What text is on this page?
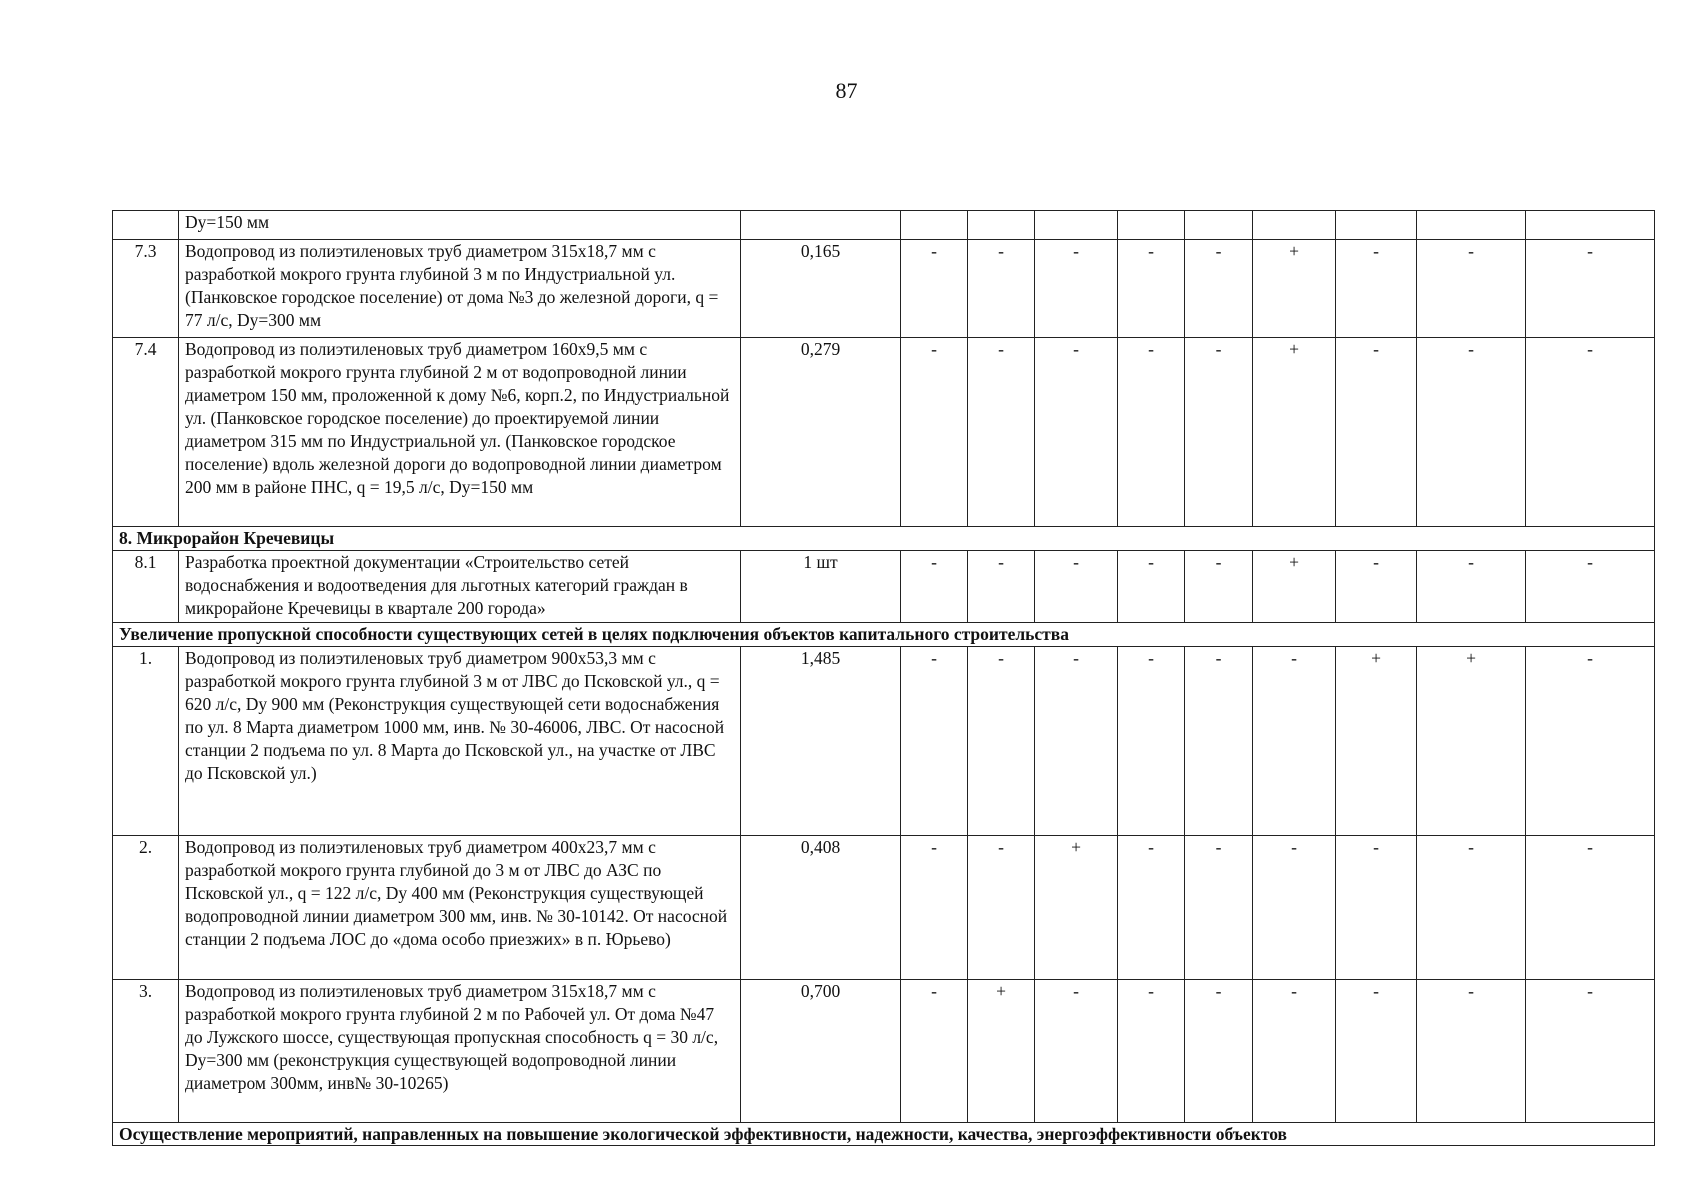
87
	Dy=150 мм											
7.3	Водопровод из полиэтиленовых труб диаметром 315х18,7 мм с разработкой мокрого грунта глубиной 3 м по Индустриальной ул. (Панковское городское поселение) от дома №3 до железной дороги, q = 77 л/с, Dy=300 мм	0,165	-	-	-	-	-	+	-	-	-	
7.4	Водопровод из полиэтиленовых труб диаметром 160х9,5 мм с разработкой мокрого грунта глубиной 2 м от водопроводной линии диаметром 150 мм, проложенной к дому №6, корп.2, по Индустриальной ул. (Панковское городское поселение) до проектируемой линии диаметром 315 мм по Индустриальной ул. (Панковское городское поселение) вдоль железной дороги до водопроводной линии диаметром 200 мм в районе ПНС, q = 19,5 л/с, Dy=150 мм	0,279	-	-	-	-	-	+	-	-	-	
8. Микрорайон Кречевицы												
8.1	Разработка проектной документации «Строительство сетей водоснабжения и водоотведения для льготных категорий граждан в микрорайоне Кречевицы в квартале 200 города»	1 шт	-	-	-	-	-	+	-	-	-	
Увеличение пропускной способности существующих сетей в целях подключения объектов капитального строительства												
1.	Водопровод из полиэтиленовых труб диаметром 900х53,3 мм с разработкой мокрого грунта глубиной 3 м от ЛВС до Псковской ул., q = 620 л/с, Dy 900 мм (Реконструкция существующей сети водоснабжения по ул. 8 Марта диаметром 1000 мм, инв. № 30-46006, ЛВС. От насосной станции 2 подъема по ул. 8 Марта до Псковской ул., на участке от ЛВС до Псковской ул.)	1,485	-	-	-	-	-	-	+	+	-	
2.	Водопровод из полиэтиленовых труб диаметром 400х23,7 мм с разработкой мокрого грунта глубиной до 3 м от ЛВС до АЗС по Псковской ул., q = 122 л/с, Dy 400 мм (Реконструкция существующей водопроводной линии диаметром 300 мм, инв. № 30-10142. От насосной станции 2 подъема ЛОС до «дома особо приезжих» в п. Юрьево)	0,408	-	-	+	-	-	-	-	-	-	
3.	Водопровод из полиэтиленовых труб диаметром 315х18,7 мм с разработкой мокрого грунта глубиной 2 м по Рабочей ул. От дома №47 до Лужского шоссе, существующая пропускная способность q = 30 л/с, Dy=300 мм (реконструкция существующей водопроводной линии диаметром 300мм, инв№ 30-10265)	0,700	-	+	-	-	-	-	-	-	-	
Осуществление мероприятий, направленных на повышение экологической эффективности, надежности, качества, энергоэффективности объектов												
